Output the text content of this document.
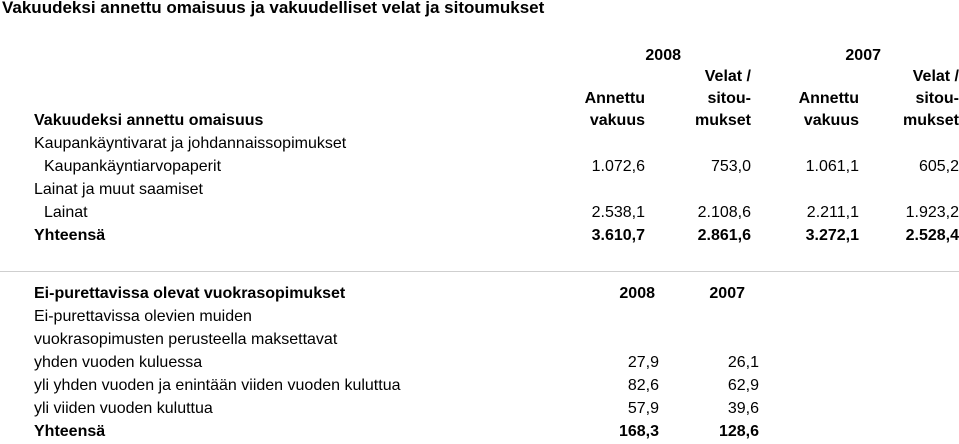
Vakuudeksi annettu omaisuus ja vakuudelliset velat ja sitoumukset
	2008		2007	
		Velat /		Velat /
	Annettu	sitou-	Annettu	sitou-
Vakuudeksi annettu omaisuus	vakuus	mukset	vakuus	mukset
Kaupankäyntivarat ja johdannaissopimukset				
Kaupankäyntiarvopaperit	1.072,6	753,0	1.061,1	605,2
Lainat ja muut saamiset				
Lainat	2.538,1	2.108,6	2.211,1	1.923,2
Yhteensä	3.610,7	2.861,6	3.272,1	2.528,4
Ei-purettavissa olevat vuokrasopimukset	2008	2007
Ei-purettavissa olevien muiden		
vuokrasopimusten perusteella maksettavat		
yhden vuoden kuluessa	27,9	26,1
yli yhden vuoden ja enintään viiden vuoden kuluttua	82,6	62,9
yli viiden vuoden kuluttua	57,9	39,6
Yhteensä	168,3	128,6
